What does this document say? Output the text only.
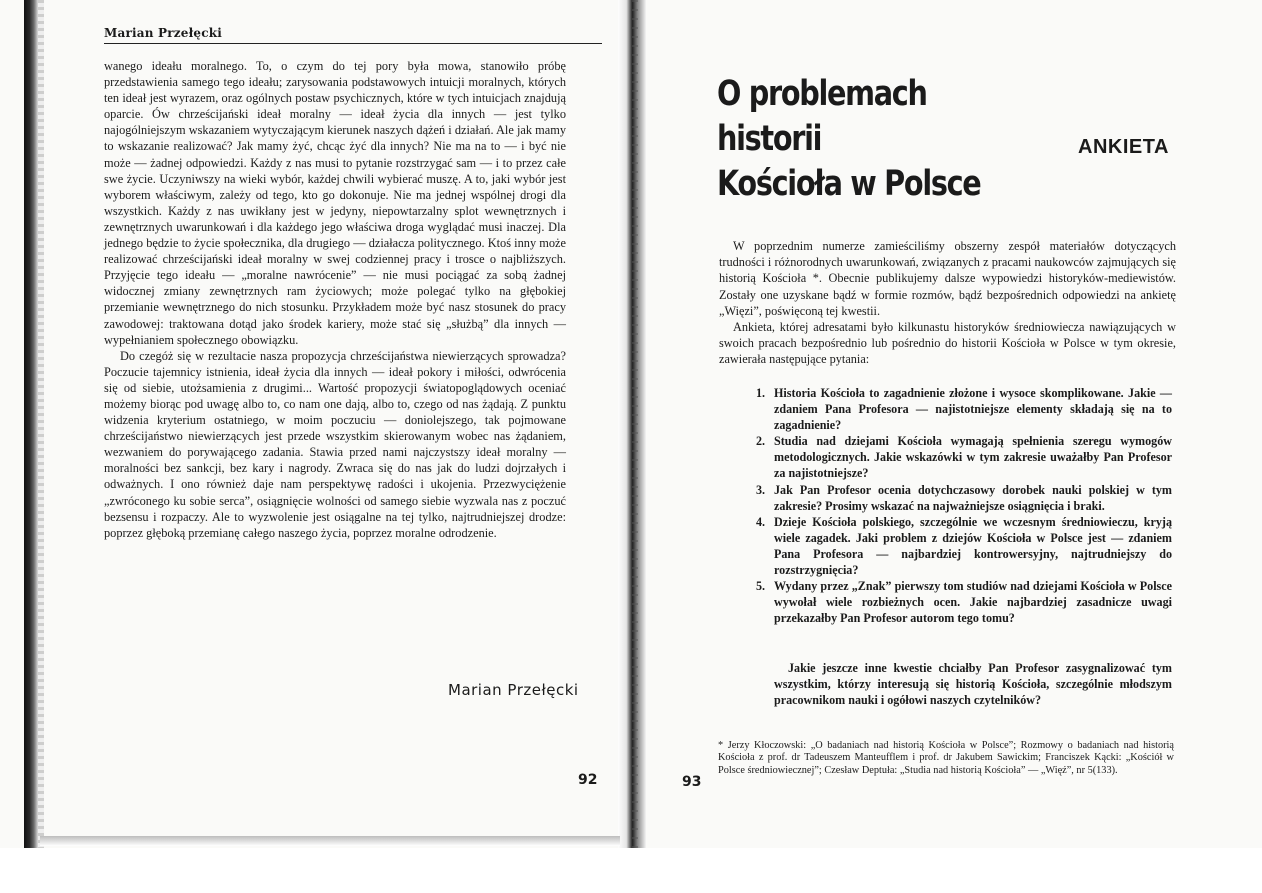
Marian Przełęcki

wanego ideału moralnego. To, o czym do tej pory była mowa, stanowiło próbę przedstawienia samego tego ideału; zarysowania podstawowych intuicji moralnych, których ten ideał jest wyrazem, oraz ogólnych postaw psychicznych, które w tych intuicjach znajdują oparcie. Ów chrześcijański ideał moralny — ideał życia dla innych — jest tylko najogólniejszym wskazaniem wytyczającym kierunek naszych dążeń i działań. Ale jak mamy to wskazanie realizować? Jak mamy żyć, chcąc żyć dla innych? Nie ma na to — i być nie może — żadnej odpowiedzi. Każdy z nas musi to pytanie rozstrzygać sam — i to przez całe swe życie. Uczyniwszy na wieki wybór, każdej chwili wybierać muszę. A to, jaki wybór jest wyborem właściwym, zależy od tego, kto go dokonuje. Nie ma jednej wspólnej drogi dla wszystkich. Każdy z nas uwikłany jest w jedyny, niepowtarzalny splot wewnętrznych i zewnętrznych uwarunkowań i dla każdego jego właściwa droga wyglądać musi inaczej. Dla jednego będzie to życie społecznika, dla drugiego — działacza politycznego. Ktoś inny może realizować chrześcijański ideał moralny w swej codziennej pracy i trosce o najbliższych. Przyjęcie tego ideału — „moralne nawrócenie” — nie musi pociągać za sobą żadnej widocznej zmiany zewnętrznych ram życiowych; może polegać tylko na głębokiej przemianie wewnętrznego do nich stosunku. Przykładem może być nasz stosunek do pracy zawodowej: traktowana dotąd jako środek kariery, może stać się „służbą” dla innych — wypełnianiem społecznego obowiązku.

Do czegóż się w rezultacie nasza propozycja chrześcijaństwa niewierzących sprowadza? Poczucie tajemnicy istnienia, ideał życia dla innych — ideał pokory i miłości, odwrócenia się od siebie, utożsamienia z drugimi... Wartość propozycji światopoglądowych oceniać możemy biorąc pod uwagę albo to, co nam one dają, albo to, czego od nas żądają. Z punktu widzenia kryterium ostatniego, w moim poczuciu — doniolejszego, tak pojmowane chrześcijaństwo niewierzących jest przede wszystkim skierowanym wobec nas żądaniem, wezwaniem do porywającego zadania. Stawia przed nami najczystszy ideał moralny — moralności bez sankcji, bez kary i nagrody. Zwraca się do nas jak do ludzi dojrzałych i odważnych. I ono również daje nam perspektywę radości i ukojenia. Przezwyciężenie „zwróconego ku sobie serca”, osiągnięcie wolności od samego siebie wyzwala nas z poczuć bezsensu i rozpaczy. Ale to wyzwolenie jest osiągalne na tej tylko, najtrudniejszej drodze: poprzez głęboką przemianę całego naszego życia, poprzez moralne odrodzenie.

Marian Przełęcki
92
O problemach
historii
Kościoła w Polsce
ANKIETA

W poprzednim numerze zamieściliśmy obszerny zespół materiałów dotyczących trudności i różnorodnych uwarunkowań, związanych z pracami naukowców zajmujących się historią Kościoła *. Obecnie publikujemy dalsze wypowiedzi historyków-mediewistów. Zostały one uzyskane bądź w formie rozmów, bądź bezpośrednich odpowiedzi na ankietę „Więzi”, poświęconą tej kwestii.

Ankieta, której adresatami było kilkunastu historyków średniowiecza nawiązujących w swoich pracach bezpośrednio lub pośrednio do historii Kościoła w Polsce w tym okresie, zawierała następujące pytania:

1. Historia Kościoła to zagadnienie złożone i wysoce skomplikowane. Jakie — zdaniem Pana Profesora — najistotniejsze elementy składają się na to zagadnienie?
2. Studia nad dziejami Kościoła wymagają spełnienia szeregu wymogów metodologicznych. Jakie wskazówki w tym zakresie uważałby Pan Profesor za najistotniejsze?
3. Jak Pan Profesor ocenia dotychczasowy dorobek nauki polskiej w tym zakresie? Prosimy wskazać na najważniejsze osiągnięcia i braki.
4. Dzieje Kościoła polskiego, szczególnie we wczesnym średniowieczu, kryją wiele zagadek. Jaki problem z dziejów Kościoła w Polsce jest — zdaniem Pana Profesora — najbardziej kontrowersyjny, najtrudniejszy do rozstrzygnięcia?
5. Wydany przez „Znak” pierwszy tom studiów nad dziejami Kościoła w Polsce wywołał wiele rozbieżnych ocen. Jakie najbardziej zasadnicze uwagi przekazałby Pan Profesor autorom tego tomu?
Jakie jeszcze inne kwestie chciałby Pan Profesor zasygnalizować tym wszystkim, którzy interesują się historią Kościoła, szczególnie młodszym pracownikom nauki i ogółowi naszych czytelników?
* Jerzy Kłoczowski: „O badaniach nad historią Kościoła w Polsce”; Rozmowy o badaniach nad historią Kościoła z prof. dr Tadeuszem Manteufflem i prof. dr Jakubem Sawickim; Franciszek Kącki: „Kościół w Polsce średniowiecznej”; Czesław Deptuła: „Studia nad historią Kościoła” — „Więź”, nr 5(133).
93
